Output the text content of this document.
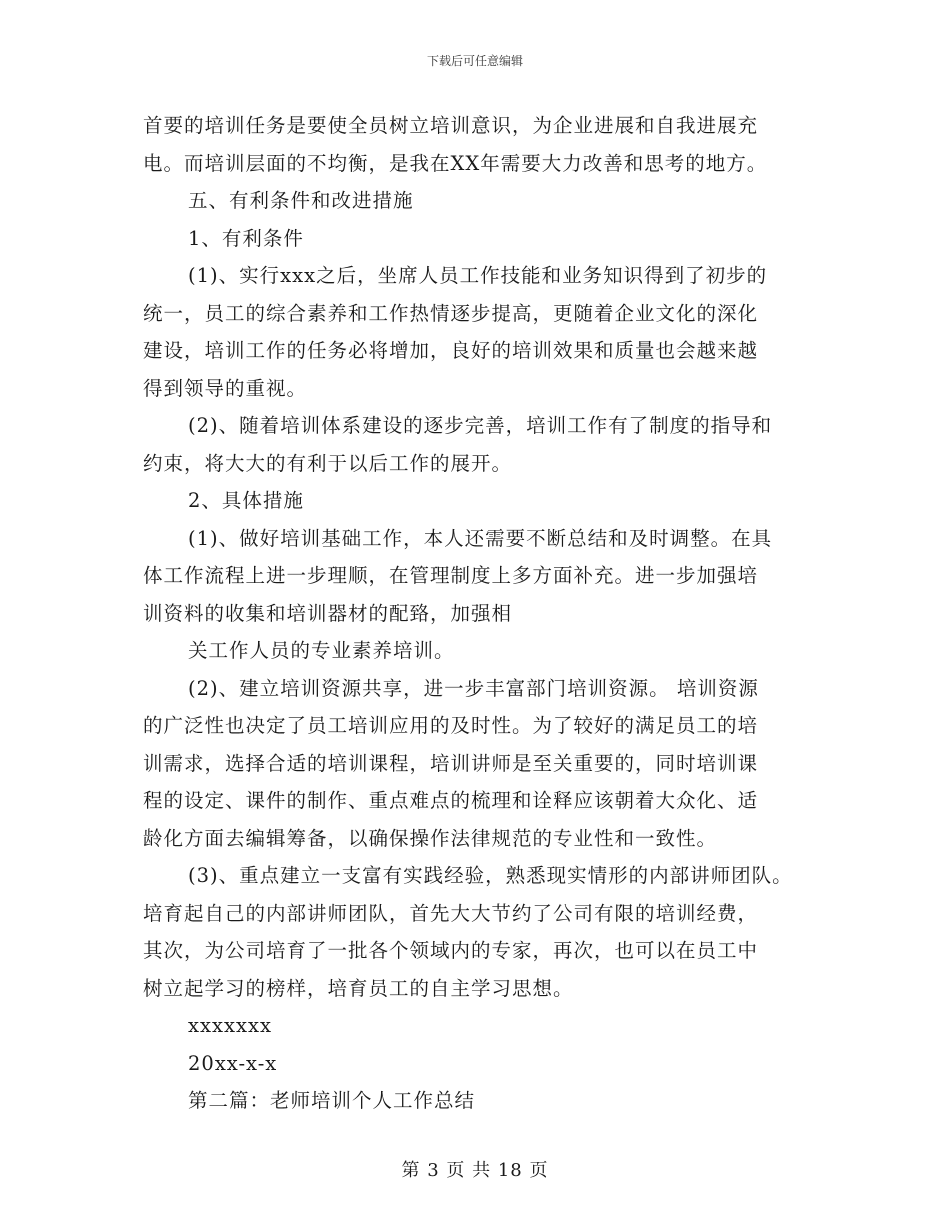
下载后可任意编辑
首要的培训任务是要使全员树立培训意识，为企业进展和自我进展充
电。而培训层面的不均衡，是我在XX年需要大力改善和思考的地方。
五、有利条件和改进措施
1、有利条件
(1)、实行xxx之后，坐席人员工作技能和业务知识得到了初步的
统一，员工的综合素养和工作热情逐步提高，更随着企业文化的深化
建设，培训工作的任务必将增加，良好的培训效果和质量也会越来越
得到领导的重视。
(2)、随着培训体系建设的逐步完善，培训工作有了制度的指导和
约束，将大大的有利于以后工作的展开。
2、具体措施
(1)、做好培训基础工作，本人还需要不断总结和及时调整。在具
体工作流程上进一步理顺，在管理制度上多方面补充。进一步加强培
训资料的收集和培训器材的配臵，加强相
关工作人员的专业素养培训。
(2)、建立培训资源共享，进一步丰富部门培训资源。 培训资源
的广泛性也决定了员工培训应用的及时性。为了较好的满足员工的培
训需求，选择合适的培训课程，培训讲师是至关重要的，同时培训课
程的设定、课件的制作、重点难点的梳理和诠释应该朝着大众化、适
龄化方面去编辑筹备，以确保操作法律规范的专业性和一致性。
(3)、重点建立一支富有实践经验，熟悉现实情形的内部讲师团队。
培育起自己的内部讲师团队，首先大大节约了公司有限的培训经费，
其次，为公司培育了一批各个领域内的专家，再次，也可以在员工中
树立起学习的榜样，培育员工的自主学习思想。
xxxxxxx
20xx-x-x
第二篇：老师培训个人工作总结
第 3 页 共 18 页
